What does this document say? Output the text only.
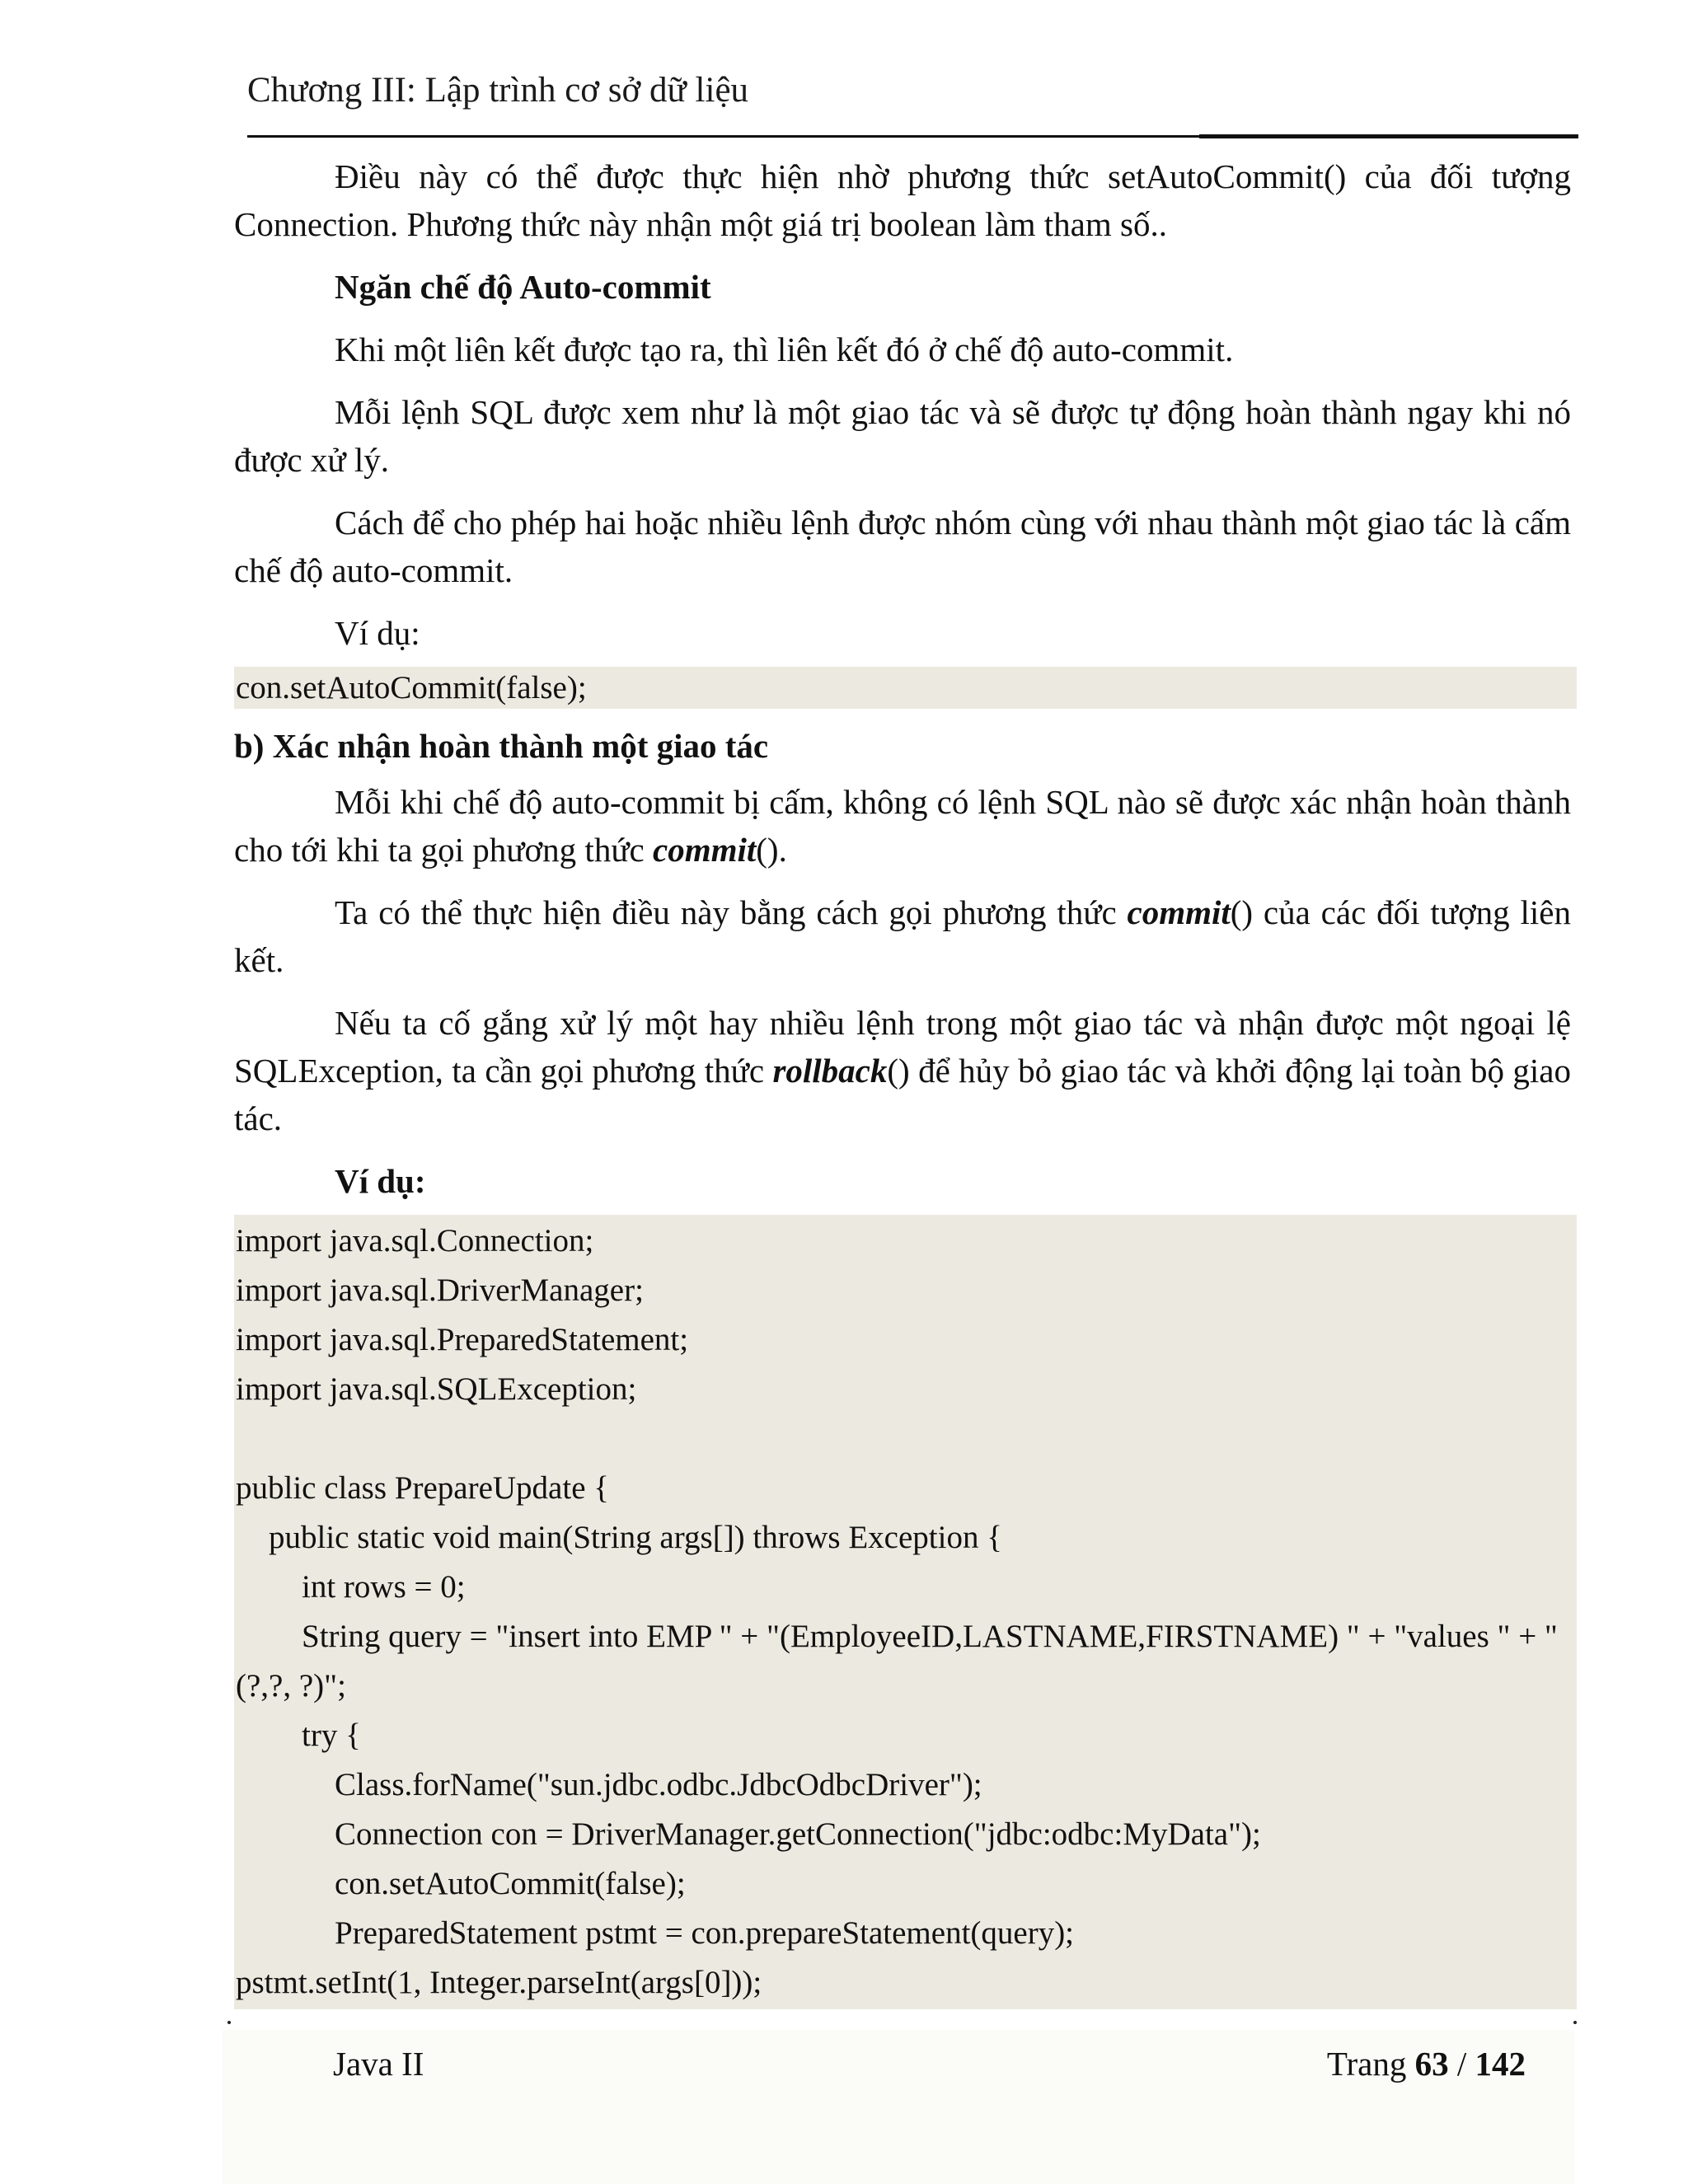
Chương III: Lập trình cơ sở dữ liệu

Điều này có thể được thực hiện nhờ phương thức setAutoCommit() của đối tượng Connection. Phương thức này nhận một giá trị boolean làm tham số..

Ngăn chế độ Auto-commit

Khi một liên kết được tạo ra, thì liên kết đó ở chế độ auto-commit.

Mỗi lệnh SQL được xem như là một giao tác và sẽ được tự động hoàn thành ngay khi nó được xử lý.

Cách để cho phép hai hoặc nhiều lệnh được nhóm cùng với nhau thành một giao tác là cấm chế độ auto-commit.

Ví dụ:

con.setAutoCommit(false);
b) Xác nhận hoàn thành một giao tác

Mỗi khi chế độ auto-commit bị cấm, không có lệnh SQL nào sẽ được xác nhận hoàn thành cho tới khi ta gọi phương thức commit().

Ta có thể thực hiện điều này bằng cách gọi phương thức commit() của các đối tượng liên kết.

Nếu ta cố gắng xử lý một hay nhiều lệnh trong một giao tác và nhận được một ngoại lệ SQLException, ta cần gọi phương thức rollback() để hủy bỏ giao tác và khởi động lại toàn bộ giao tác.

Ví dụ:
import java.sql.Connection;
import java.sql.DriverManager;
import java.sql.PreparedStatement;
import java.sql.SQLException;
public class PrepareUpdate {
public static void main(String args[]) throws Exception {
int rows = 0;
String query = "insert into EMP " + "(EmployeeID,LASTNAME,FIRSTNAME) " + "values " + "(?,?, ?)";
try {
Class.forName("sun.jdbc.odbc.JdbcOdbcDriver");
Connection con = DriverManager.getConnection("jdbc:odbc:MyData");
con.setAutoCommit(false);
PreparedStatement pstmt = con.prepareStatement(query);
pstmt.setInt(1, Integer.parseInt(args[0]));
Java II	Trang 63 / 142
